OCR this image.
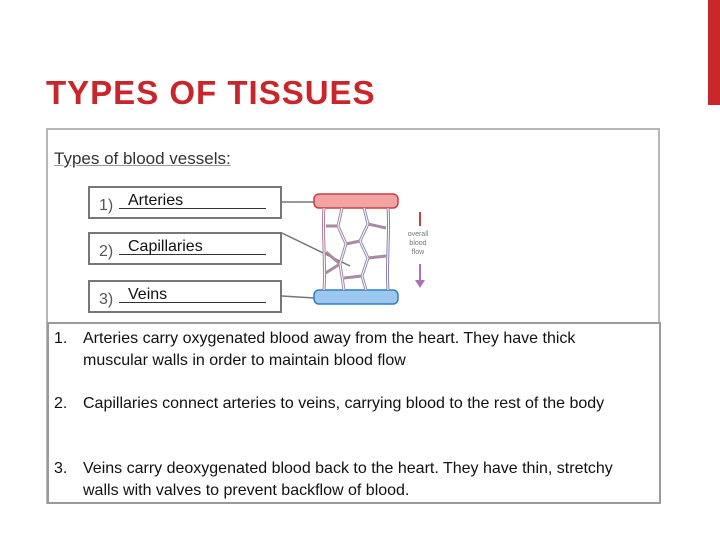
TYPES OF TISSUES
Types of blood vessels:
1) Arteries
2) Capillaries
3) Veins
overall
blood
flow

1. Arteries carry oxygenated blood away from the heart. They have thick muscular walls in order to maintain blood flow

2. Capillaries connect arteries to veins, carrying blood to the rest of the body

3. Veins carry deoxygenated blood back to the heart. They have thin, stretchy walls with valves to prevent backflow of blood.
